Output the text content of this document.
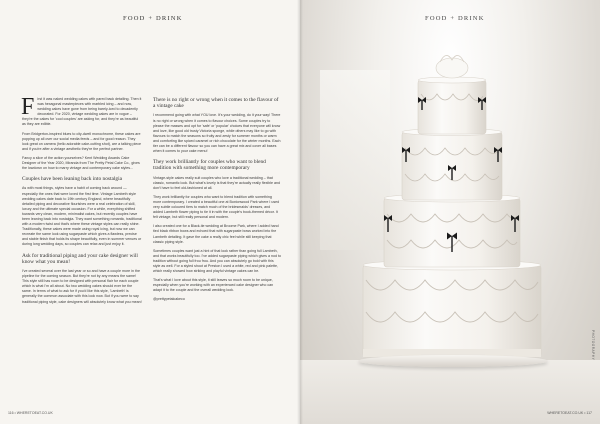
FOOD + DRINK

First it was naked wedding cakes with pared back detailing. Then it was hexagonal masterpieces with marbled icing – and now, wedding cakes have gone from being barely-iced to decadently decorated. For 2020, vintage wedding cakes are in vogue – they're the cakes for 'cool couples' are asking for, and they're as beautiful as they are edible.

From Bridgerton-inspired blues to city-dwell monochrome, these cakes are popping up all over our social media feeds – and for good reason. They look great on camera (hello adorable cake-cutting shot), are a talking piece and if you're after a vintage aesthetic they're the perfect partner.

Fancy a slice of the action yourselves? Kent Wedding Awards Cake Designer of the Year 2020, Miranda from The Pretty Petal Cake Co., gives the lowdown on how to marry vintage and contemporary cake styles...

Couples have been leaning back into nostalgia

As with most things, styles have a habit of coming back around — especially the ones that were loved the first time. Vintage Lambeth style wedding cakes date back to 19th century England, where beautifully detailed piping and decorative flourishes were a real celebration of skill, luxury and the ultimate special occasion. For a while, everything shifted towards very clean, modern, minimalist cakes, but recently couples have been leaning back into nostalgia. They want something romantic, traditional with a modern twist and that's where these vintage styles can really shine. Traditionally, these cakes were made using royal icing, but now we can recreate the same look using sugarpaste which gives a flawless, precise and stable finish that holds its shape beautifully, even in summer venues or during long wedding days, so couples can relax and just enjoy it.

Ask for traditional piping and your cake designer will know what you mean!

I've created several over the last year or so and have a couple more in the pipeline for the coming season. But they're not by any means the same! This style still has room to be designed with personal flair for each couple which is what I'm all about. No two wedding cakes should ever be the same. In terms of what to ask for if you'd like this style, 'Lambeth' is generally the common associate with this look now. But if you were to say traditional piping style, cake designers will absolutely know what you mean!

There is no right or wrong when it comes to the flavour of a vintage cake

I recommend going with what YOU love. It's your wedding, do it your way! There is no right or wrong when it comes to flavour choices. Some couples try to please the masses and opt for 'safe' or 'popular' choices that everyone will know and love, like good old trusty Victoria sponge, while others may like to go with flavours to match the seasons so fruity and zesty for summer months or warm and comforting like spiced caramel or rich chocolate for the winter months. Each tier can be a different flavour so you can have a great mix and cover all bases when it comes to your cake menu!

They work brilliantly for couples who want to blend tradition with something more contemporary

Vintage-style cakes really suit couples who love a traditional wedding – that classic, romantic look. But what's lovely is that they're actually really flexible and don't have to feel old-fashioned at all.

They work brilliantly for couples who want to blend tradition with something more contemporary. I created a beautiful one at Boxtonwood Park where I used very subtle coloured tiers to match much of the bridesmaids' dresses, and added Lambeth flower piping to tie it in with the couple's book-themed décor. It felt vintage, but still really personal and modern.

I also created one for a Black-tie wedding at Broome Park, where I added hand tied black ribbon bows and echoed that with sugarpaste bows worked into the Lambeth detailing. It gave the cake a really chic feel while still keeping that classic piping style.

Sometimes couples want just a hint of that look rather than going full Lambeth, and that works beautifully too. I've added sugarpaste piping which gives a nod to tradition without going full frou frou. And you can absolutely go bold with this style as well. For a styled shoot at Preston I used a white, red and pink palette, which really showed how striking and playful vintage cakes can be.

That's what I love about this style, it still leaves so much room to be unique, especially when you're working with an experienced cake designer who can adapt it to the couple and the overall wedding look.

@prettypetalcakeco

116 • WHERETOEAT.CO.UK
FOOD + DRINK
PHOTOGRAPHY
WHERETOEAT.CO.UK • 117
